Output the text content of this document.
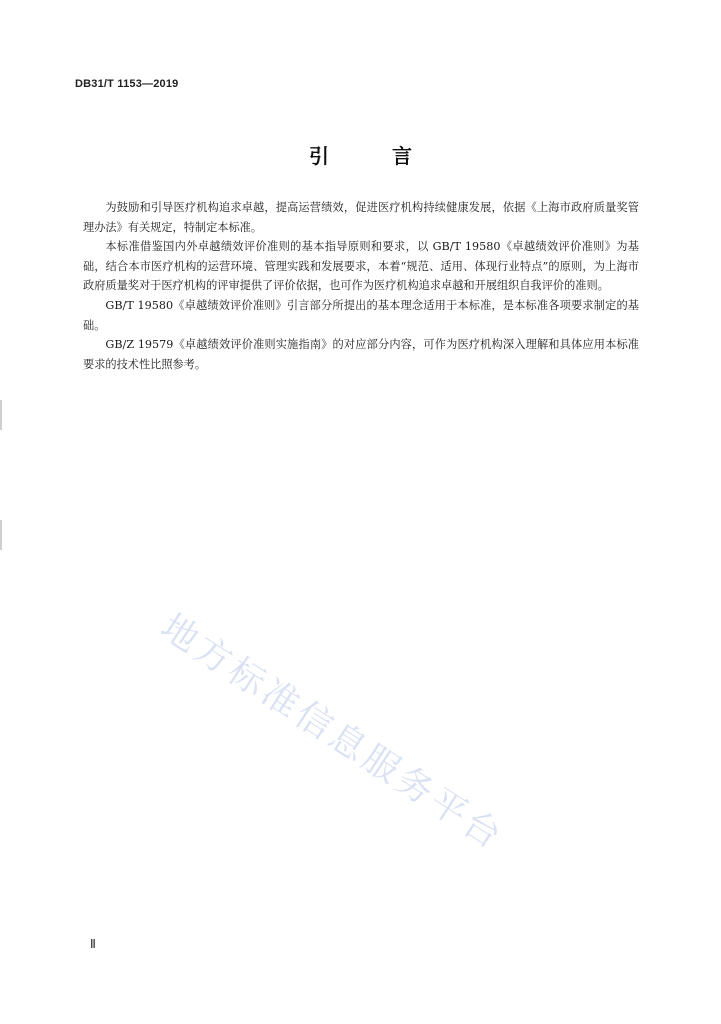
DB31/T 1153—2019
引 言

为鼓励和引导医疗机构追求卓越，提高运营绩效，促进医疗机构持续健康发展，依据《上海市政府质量奖管理办法》有关规定，特制定本标准。

本标准借鉴国内外卓越绩效评价准则的基本指导原则和要求，以 GB/T 19580《卓越绩效评价准则》为基础，结合本市医疗机构的运营环境、管理实践和发展要求，本着“规范、适用、体现行业特点”的原则，为上海市政府质量奖对于医疗机构的评审提供了评价依据，也可作为医疗机构追求卓越和开展组织自我评价的准则。

GB/T 19580《卓越绩效评价准则》引言部分所提出的基本理念适用于本标准，是本标准各项要求制定的基础。

GB/Z 19579《卓越绩效评价准则实施指南》的对应部分内容，可作为医疗机构深入理解和具体应用本标准要求的技术性比照参考。

地方标准信息服务平台
Ⅱ
